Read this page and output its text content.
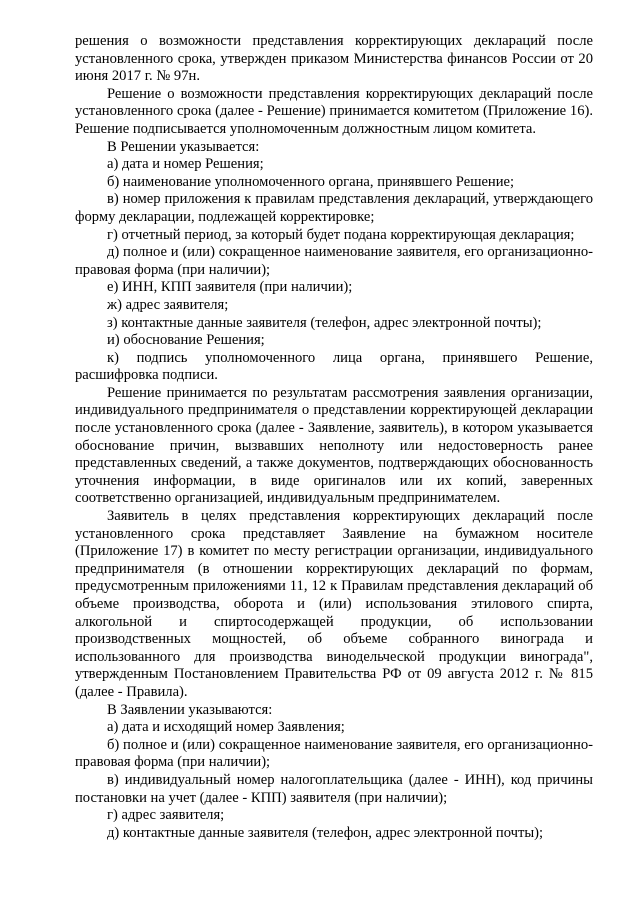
решения о возможности представления корректирующих деклараций после установленного срока, утвержден приказом Министерства финансов России от 20 июня 2017 г. № 97н.

Решение о возможности представления корректирующих деклараций после установленного срока (далее - Решение) принимается комитетом (Приложение 16). Решение подписывается уполномоченным должностным лицом комитета.

В Решении указывается:

а) дата и номер Решения;

б) наименование уполномоченного органа, принявшего Решение;

в) номер приложения к правилам представления деклараций, утверждающего форму декларации, подлежащей корректировке;

г) отчетный период, за который будет подана корректирующая декларация;

д) полное и (или) сокращенное наименование заявителя, его организационно-правовая форма (при наличии);

е) ИНН, КПП заявителя (при наличии);

ж) адрес заявителя;

з) контактные данные заявителя (телефон, адрес электронной почты);

и) обоснование Решения;

к) подпись уполномоченного лица органа, принявшего Решение, расшифровка подписи.

Решение принимается по результатам рассмотрения заявления организации, индивидуального предпринимателя о представлении корректирующей декларации после установленного срока (далее - Заявление, заявитель), в котором указывается обоснование причин, вызвавших неполноту или недостоверность ранее представленных сведений, а также документов, подтверждающих обоснованность уточнения информации, в виде оригиналов или их копий, заверенных соответственно организацией, индивидуальным предпринимателем.

Заявитель в целях представления корректирующих деклараций после установленного срока представляет Заявление на бумажном носителе (Приложение 17) в комитет по месту регистрации организации, индивидуального предпринимателя (в отношении корректирующих деклараций по формам, предусмотренным приложениями 11, 12 к Правилам представления деклараций об объеме производства, оборота и (или) использования этилового спирта, алкогольной и спиртосодержащей продукции, об использовании производственных мощностей, об объеме собранного винограда и использованного для производства винодельческой продукции винограда", утвержденным Постановлением Правительства РФ от 09 августа 2012 г. № 815 (далее - Правила).

В Заявлении указываются:

а) дата и исходящий номер Заявления;

б) полное и (или) сокращенное наименование заявителя, его организационно-правовая форма (при наличии);

в) индивидуальный номер налогоплательщика (далее - ИНН), код причины постановки на учет (далее - КПП) заявителя (при наличии);

г) адрес заявителя;

д) контактные данные заявителя (телефон, адрес электронной почты);
